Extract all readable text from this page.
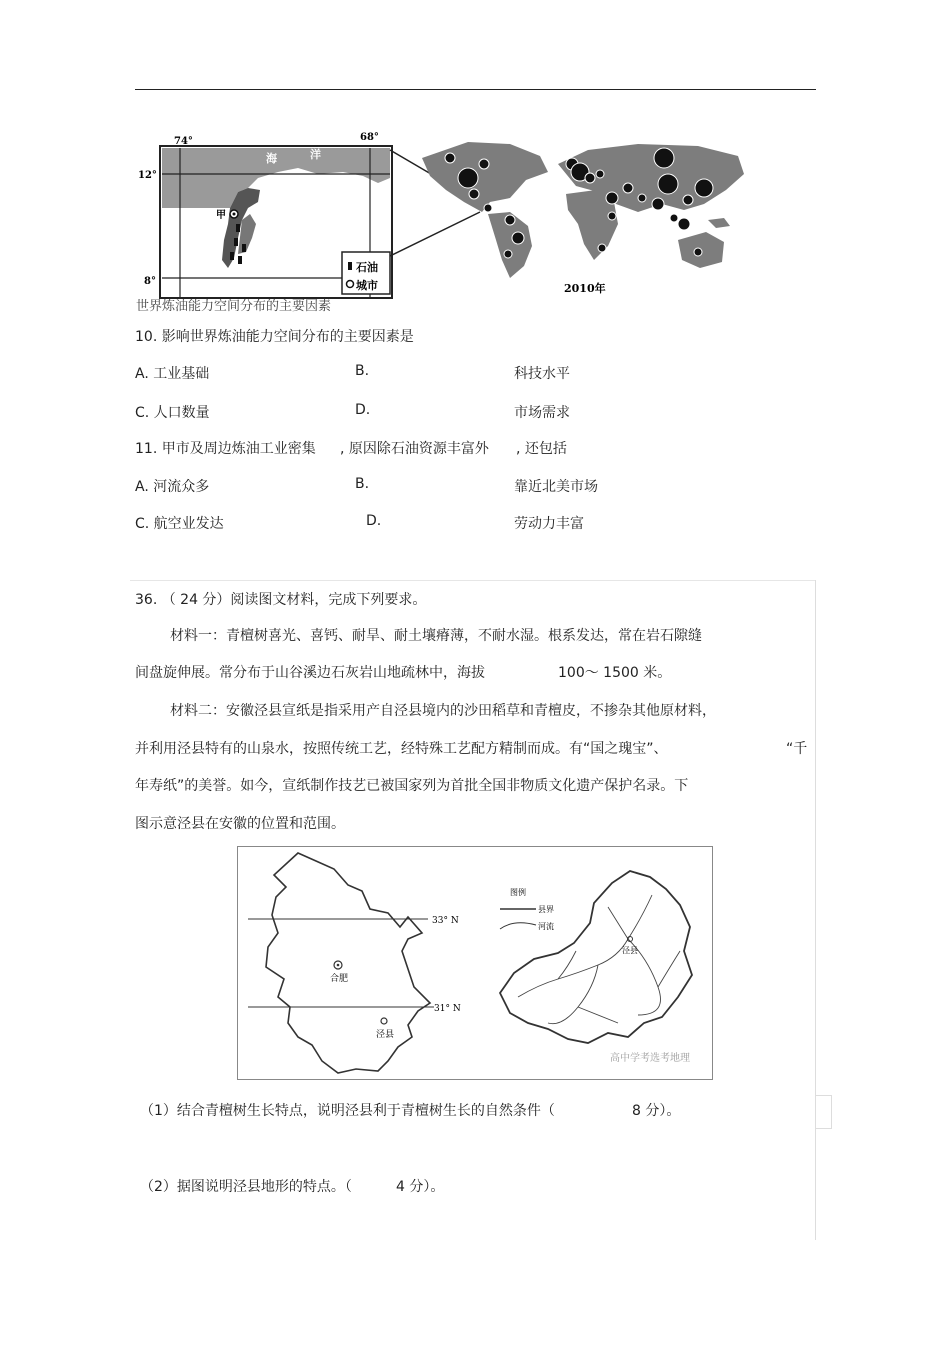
74°	68°
12°
8°
海	洋
甲
石油
城市	2010年
世界炼油能力空间分布的主要因素
10. 影响世界炼油能力空间分布的主要因素是
A. 工业基础	B.	科技水平
C. 人口数量	D.	市场需求
11. 甲市及周边炼油工业密集 , 原因除石油资源丰富外 , 还包括
A. 河流众多	B.	靠近北美市场
C. 航空业发达	D.	劳动力丰富
36. （ 24 分）阅读图文材料，完成下列要求。
材料一：青檀树喜光、喜钙、耐旱、耐土壤瘠薄，不耐水湿。根系发达，常在岩石隙缝
间盘旋伸展。常分布于山谷溪边石灰岩山地疏林中，海拔	100～ 1500 米。
材料二：安徽泾县宣纸是指采用产自泾县境内的沙田稻草和青檀皮，不掺杂其他原材料，
并利用泾县特有的山泉水，按照传统工艺，经特殊工艺配方精制而成。有“国之瑰宝”、	“千
年寿纸”的美誉。如今，宣纸制作技艺已被国家列为首批全国非物质文化遗产保护名录。下
图示意泾县在安徽的位置和范围。
33° N
31° N
合肥
泾县
图例
县界
河流
泾县
高中学考选考地理
（1）结合青檀树生长特点，说明泾县利于青檀树生长的自然条件（	8 分）。
（2）据图说明泾县地形的特点。（	4 分）。
